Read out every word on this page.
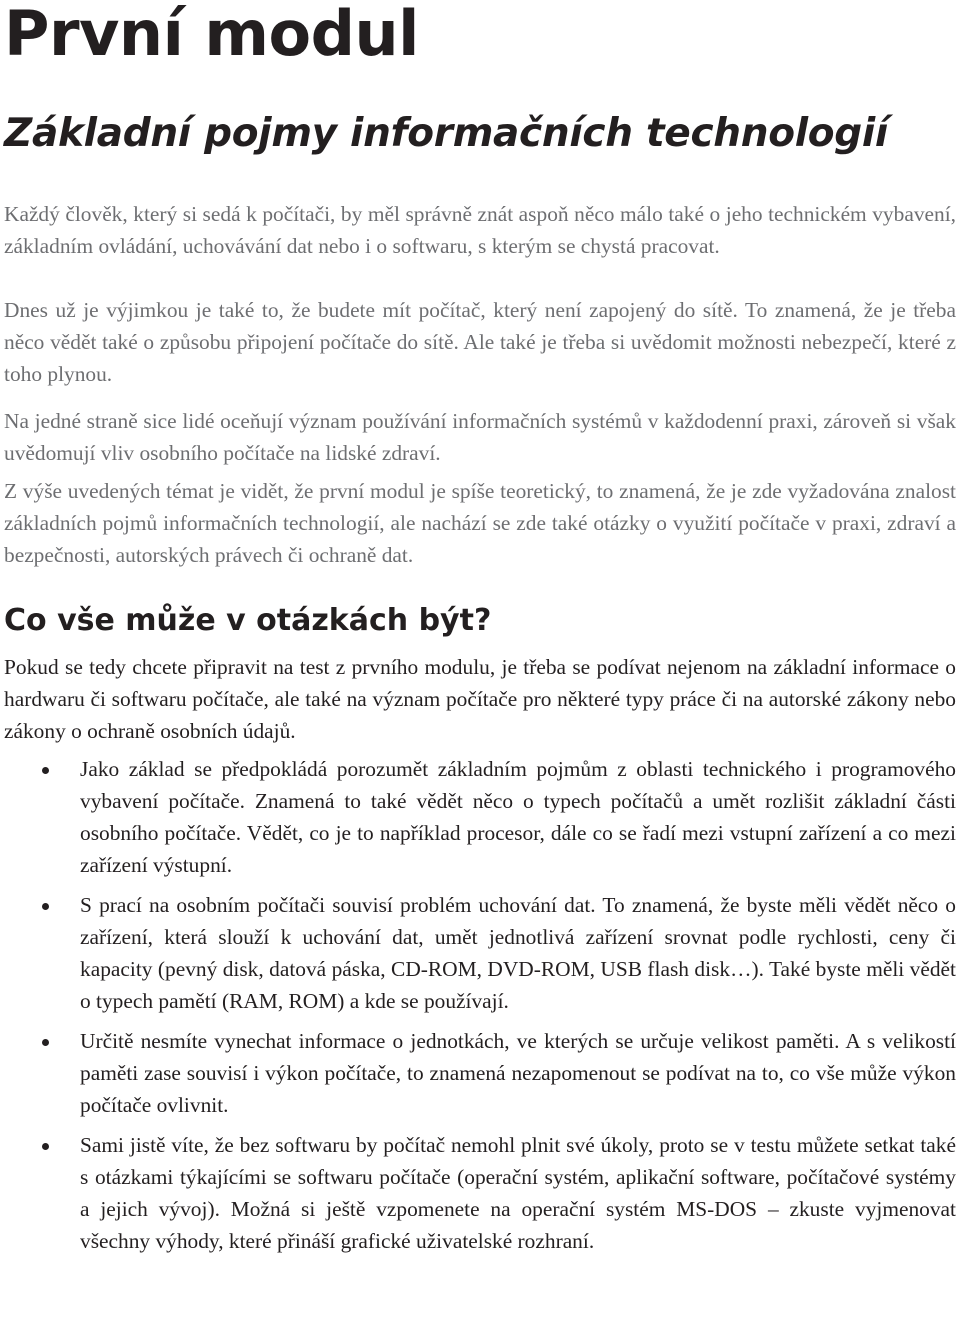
První modul
Základní pojmy informačních technologií

Každý člověk, který si sedá k počítači, by měl správně znát aspoň něco málo také o jeho technickém vybavení, základním ovládání, uchovávání dat nebo i o softwaru, s kterým se chystá pracovat.

Dnes už je výjimkou je také to, že budete mít počítač, který není zapojený do sítě. To znamená, že je třeba něco vědět také o způsobu připojení počítače do sítě. Ale také je třeba si uvědomit možnosti nebezpečí, které z toho plynou.

Na jedné straně sice lidé oceňují význam používání informačních systémů v každodenní praxi, zároveň si však uvědomují vliv osobního počítače na lidské zdraví.

Z výše uvedených témat je vidět, že první modul je spíše teoretický, to znamená, že je zde vyžadována znalost základních pojmů informačních technologií, ale nachází se zde také otázky o využití počítače v praxi, zdraví a bezpečnosti, autorských právech či ochraně dat.

Co vše může v otázkách být?

Pokud se tedy chcete připravit na test z prvního modulu, je třeba se podívat nejenom na základní informace o hardwaru či softwaru počítače, ale také na význam počítače pro některé typy práce či na autorské zákony nebo zákony o ochraně osobních údajů.

Jako základ se předpokládá porozumět základním pojmům z oblasti technického i programového vybavení počítače. Znamená to také vědět něco o typech počítačů a umět rozlišit základní části osobního počítače. Vědět, co je to například procesor, dále co se řadí mezi vstupní zařízení a co mezi zařízení výstupní.
S prací na osobním počítači souvisí problém uchování dat. To znamená, že byste měli vědět něco o zařízení, která slouží k uchování dat, umět jednotlivá zařízení srovnat podle rychlosti, ceny či kapacity (pevný disk, datová páska, CD-ROM, DVD-ROM, USB flash disk…). Také byste měli vědět o typech pamětí (RAM, ROM) a kde se používají.
Určitě nesmíte vynechat informace o jednotkách, ve kterých se určuje velikost paměti. A s velikostí paměti zase souvisí i výkon počítače, to znamená nezapomenout se podívat na to, co vše může výkon počítače ovlivnit.
Sami jistě víte, že bez softwaru by počítač nemohl plnit své úkoly, proto se v testu můžete setkat také s otázkami týkajícími se softwaru počítače (operační systém, aplikační software, počítačové systémy a jejich vývoj). Možná si ještě vzpomenete na operační systém MS-DOS – zkuste vyjmenovat všechny výhody, které přináší grafické uživatelské rozhraní.
